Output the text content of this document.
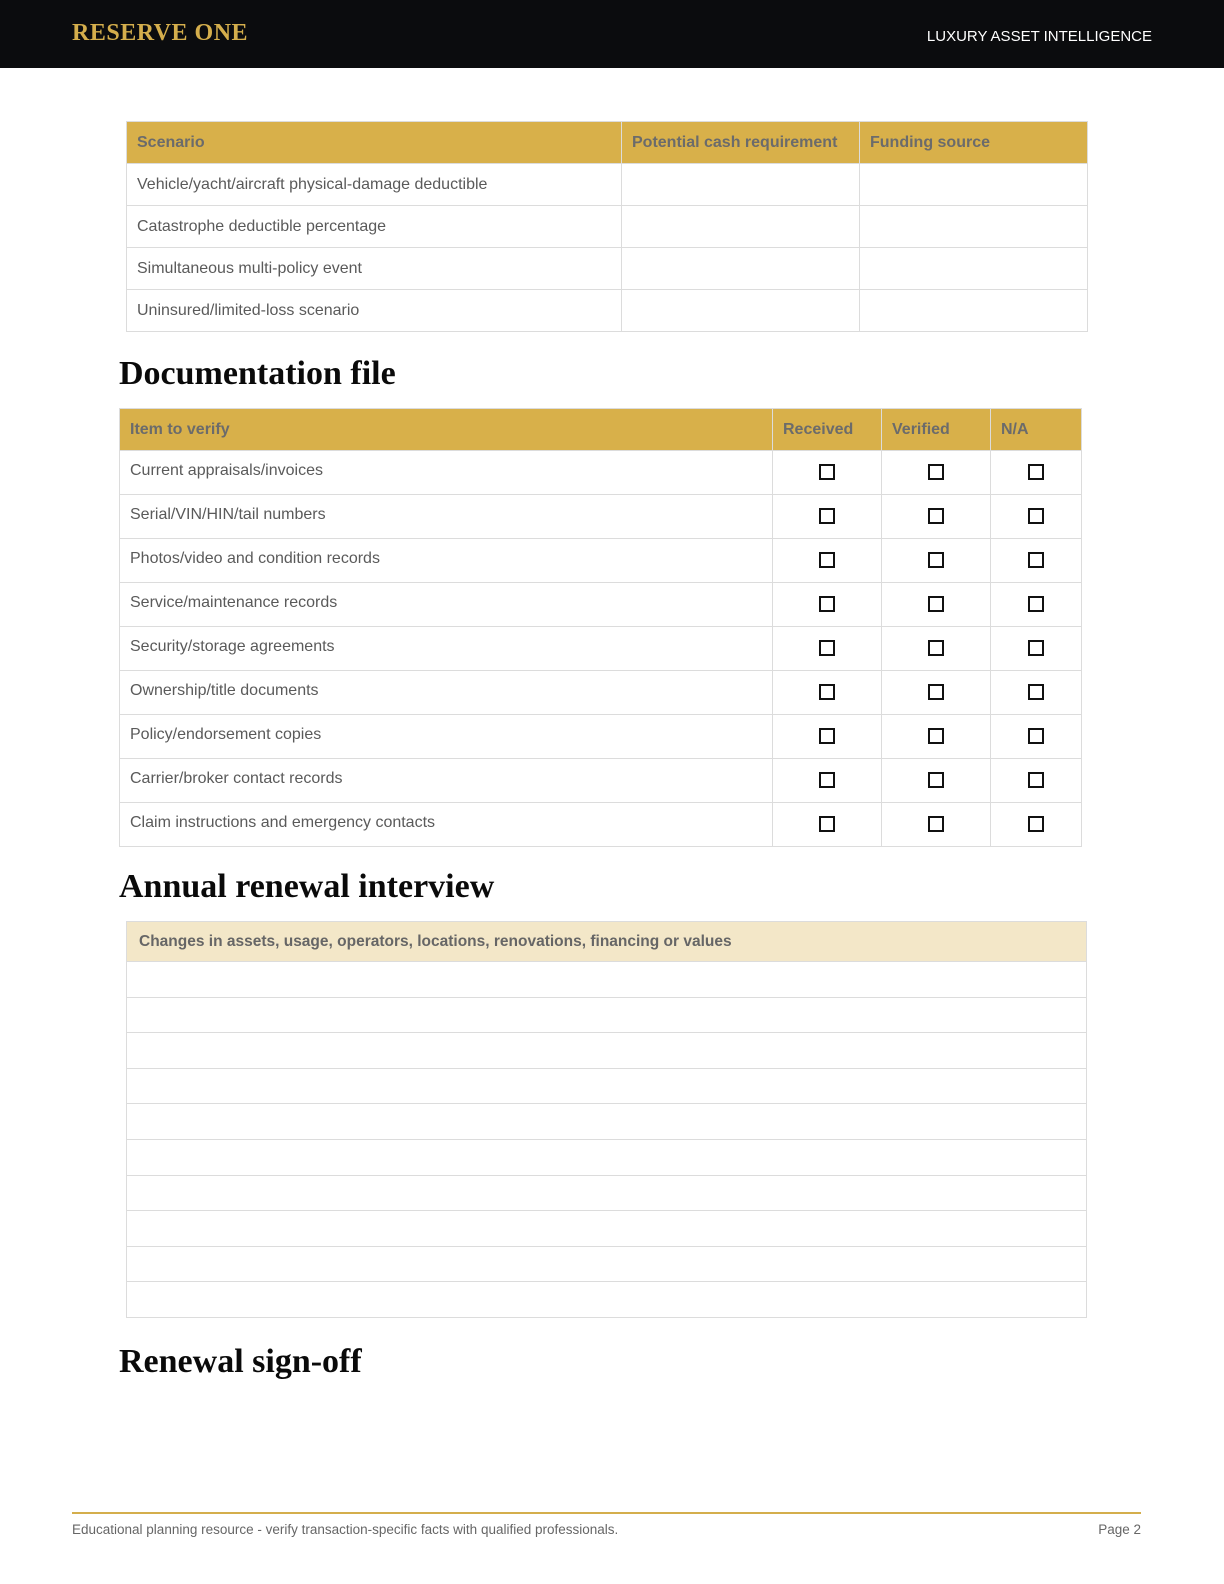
RESERVE ONE	LUXURY ASSET INTELLIGENCE
Scenario	Potential cash requirement	Funding source
Vehicle/yacht/aircraft physical-damage deductible		
Catastrophe deductible percentage		
Simultaneous multi-policy event		
Uninsured/limited-loss scenario		
Documentation file
Item to verify	Received	Verified	N/A
Current appraisals/invoices			
Serial/VIN/HIN/tail numbers			
Photos/video and condition records			
Service/maintenance records			
Security/storage agreements			
Ownership/title documents			
Policy/endorsement copies			
Carrier/broker contact records			
Claim instructions and emergency contacts			
Annual renewal interview
Changes in assets, usage, operators, locations, renovations, financing or values

Renewal sign-off
Educational planning resource - verify transaction-specific facts with qualified professionals.	Page 2
